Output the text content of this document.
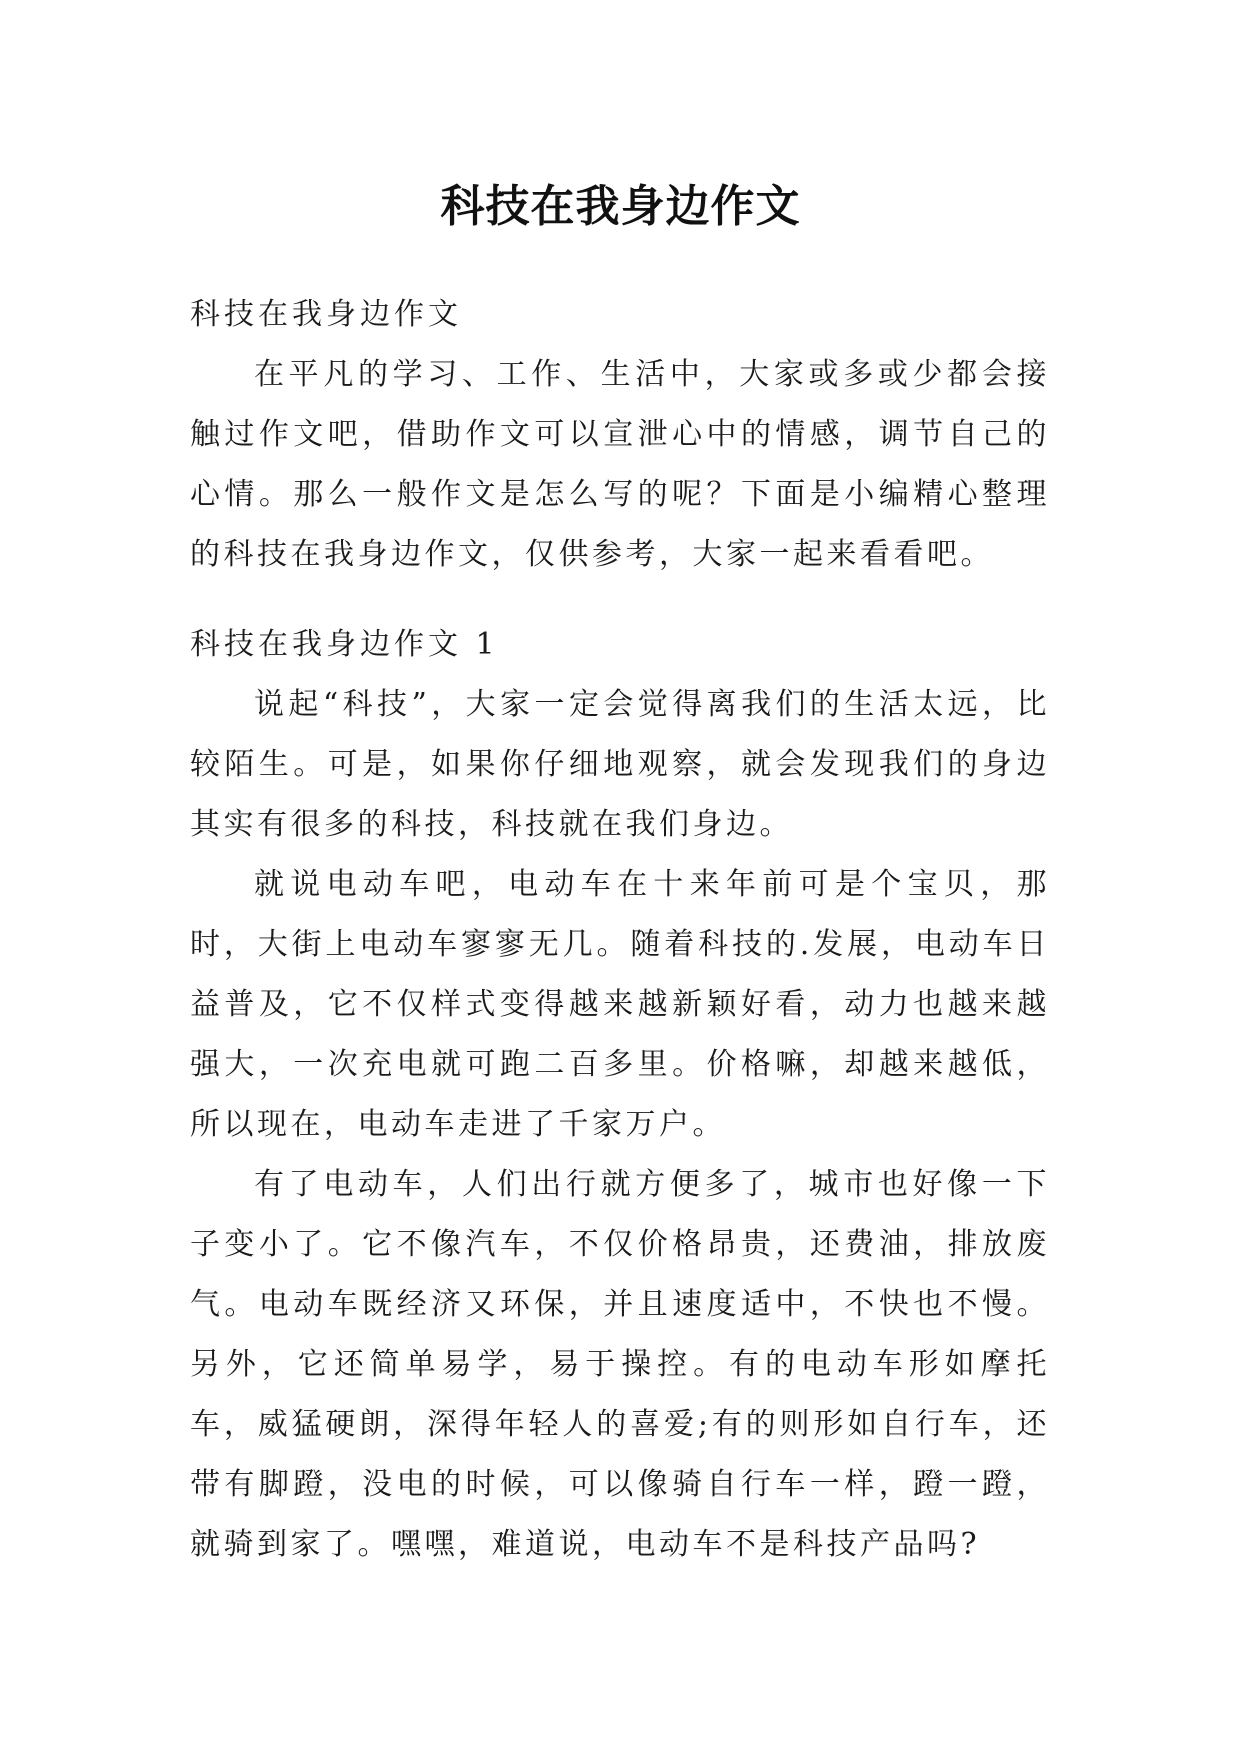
科技在我身边作文

科技在我身边作文

在平凡的学习、工作、生活中，大家或多或少都会接触过作文吧，借助作文可以宣泄心中的情感，调节自己的心情。那么一般作文是怎么写的呢？下面是小编精心整理的科技在我身边作文，仅供参考，大家一起来看看吧。

科技在我身边作文 1

说起“科技”，大家一定会觉得离我们的生活太远，比较陌生。可是，如果你仔细地观察，就会发现我们的身边其实有很多的科技，科技就在我们身边。

就说电动车吧，电动车在十来年前可是个宝贝，那时，大街上电动车寥寥无几。随着科技的.发展，电动车日益普及，它不仅样式变得越来越新颖好看，动力也越来越强大，一次充电就可跑二百多里。价格嘛，却越来越低，所以现在，电动车走进了千家万户。

有了电动车，人们出行就方便多了，城市也好像一下子变小了。它不像汽车，不仅价格昂贵，还费油，排放废气。电动车既经济又环保，并且速度适中，不快也不慢。另外，它还简单易学，易于操控。有的电动车形如摩托车，威猛硬朗，深得年轻人的喜爱;有的则形如自行车，还带有脚蹬，没电的时候，可以像骑自行车一样，蹬一蹬，就骑到家了。嘿嘿，难道说，电动车不是科技产品吗?
